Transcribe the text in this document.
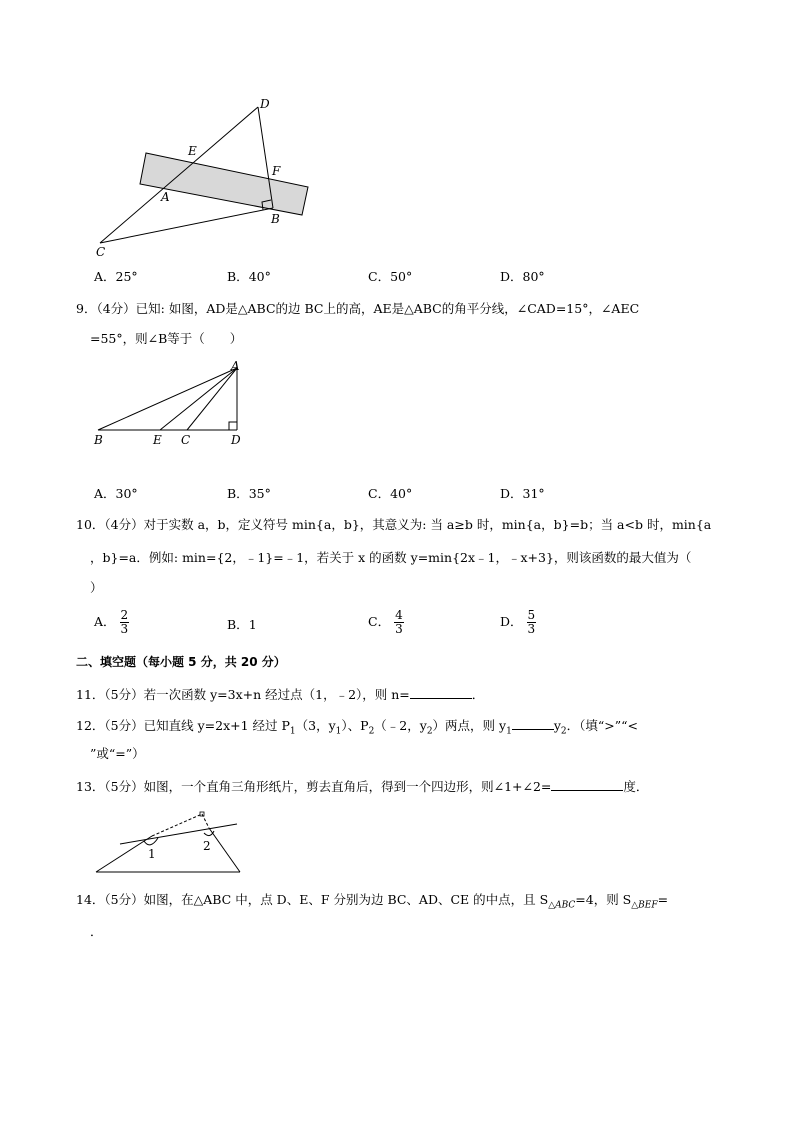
D
E
F
A
B
C
A．25°	B．40°	C．50°	D．80°
9．（4分）已知: 如图，AD是△ABC的边 BC上的高，AE是△ABC的角平分线，∠CAD=15°，∠AEC
=55°，则∠B等于（　　）
A
B	E C	D
A．30°	B．35°	C．40°	D．31°
10．（4分）对于实数 a，b，定义符号 min{a，b}，其意义为: 当 a≥b 时，min{a，b}=b；当 a<b 时，min{a
，b}=a．例如: min={2，﹣1}=﹣1，若关于 x 的函数 y=min{2x﹣1，﹣x+3}，则该函数的最大值为（
）
A． $\frac{2}{3}$	B．1	C． $\frac{4}{3}$	D． $\frac{5}{3}$
二、填空题（每小题 5 分，共 20 分）
11．（5分）若一次函数 y=3x+n 经过点（1，﹣2），则 n=	．
12．（5分）已知直线 y=2x+1 经过 $P_1(3$，$y_1$）、$P_2(﹣2$，$y_2$）两点，则 $y_1$	$y_2$．（填“>”“<
”或“=”）
13．（5分）如图，一个直角三角形纸片，剪去直角后，得到一个四边形，则∠1+∠2=	度．
1
2
14．（5分）如图，在△ABC 中，点 D、E、F 分别为边 BC、AD、CE 的中点，且 $S_{\triangle ABC}=4$，则 $S_{\triangle BEF}=$
．
